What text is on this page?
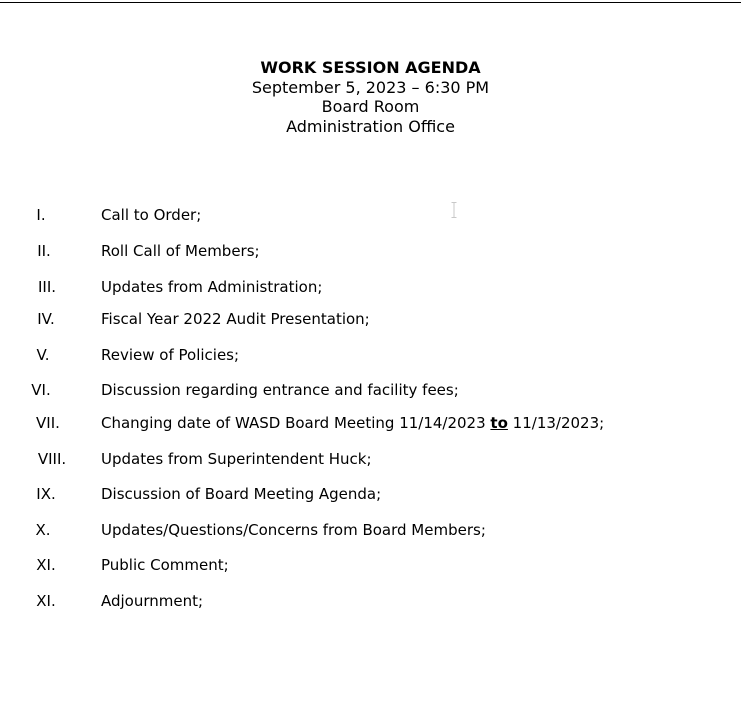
WORK SESSION AGENDA
September 5, 2023 – 6:30 PM
Board Room
Administration Office
I.	Call to Order;
II.	Roll Call of Members;
III.	Updates from Administration;
IV.	Fiscal Year 2022 Audit Presentation;
V.	Review of Policies;
VI.	Discussion regarding entrance and facility fees;
VII.	Changing date of WASD Board Meeting 11/14/2023 to 11/13/2023;
VIII. Updates from Superintendent Huck;
IX.	Discussion of Board Meeting Agenda;
X.	Updates/Questions/Concerns from Board Members;
XI.	Public Comment;
XI.	Adjournment;
